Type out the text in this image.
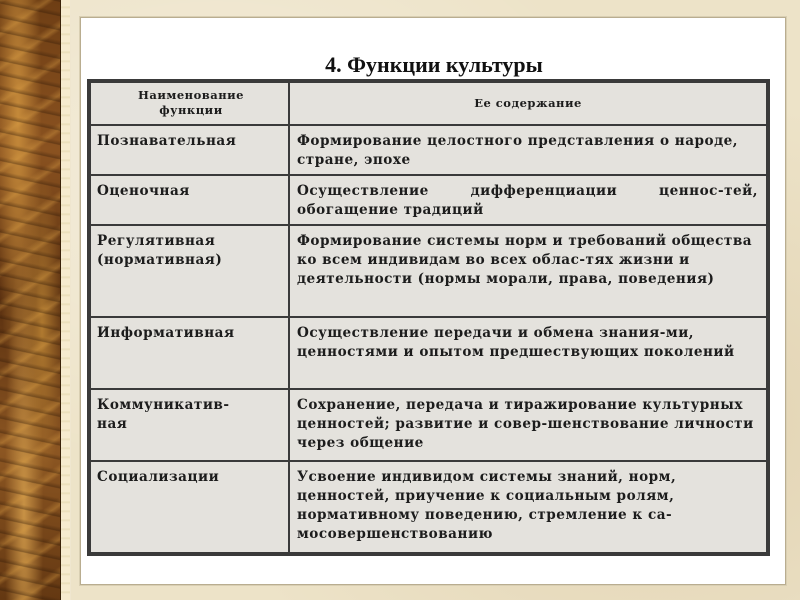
4. Функции культуры
Наименование функции	Ее содержание
Познавательная	Формирование целостного представления о народе, стране, эпохе
Оценочная	Осуществление дифференциации ценнос-тей, обогащение традиций
Регулятивная (нормативная)	Формирование системы норм и требований общества ко всем индивидам во всех облас-тях жизни и деятельности (нормы морали, права, поведения)
Информативная	Осуществление передачи и обмена знания-ми, ценностями и опытом предшествующих поколений
Коммуникатив-ная	Сохранение, передача и тиражирование культурных ценностей; развитие и совер-шенствование личности через общение
Социализации	Усвоение индивидом системы знаний, норм, ценностей, приучение к социальным ролям, нормативному поведению, стремление к са-мосовершенствованию
